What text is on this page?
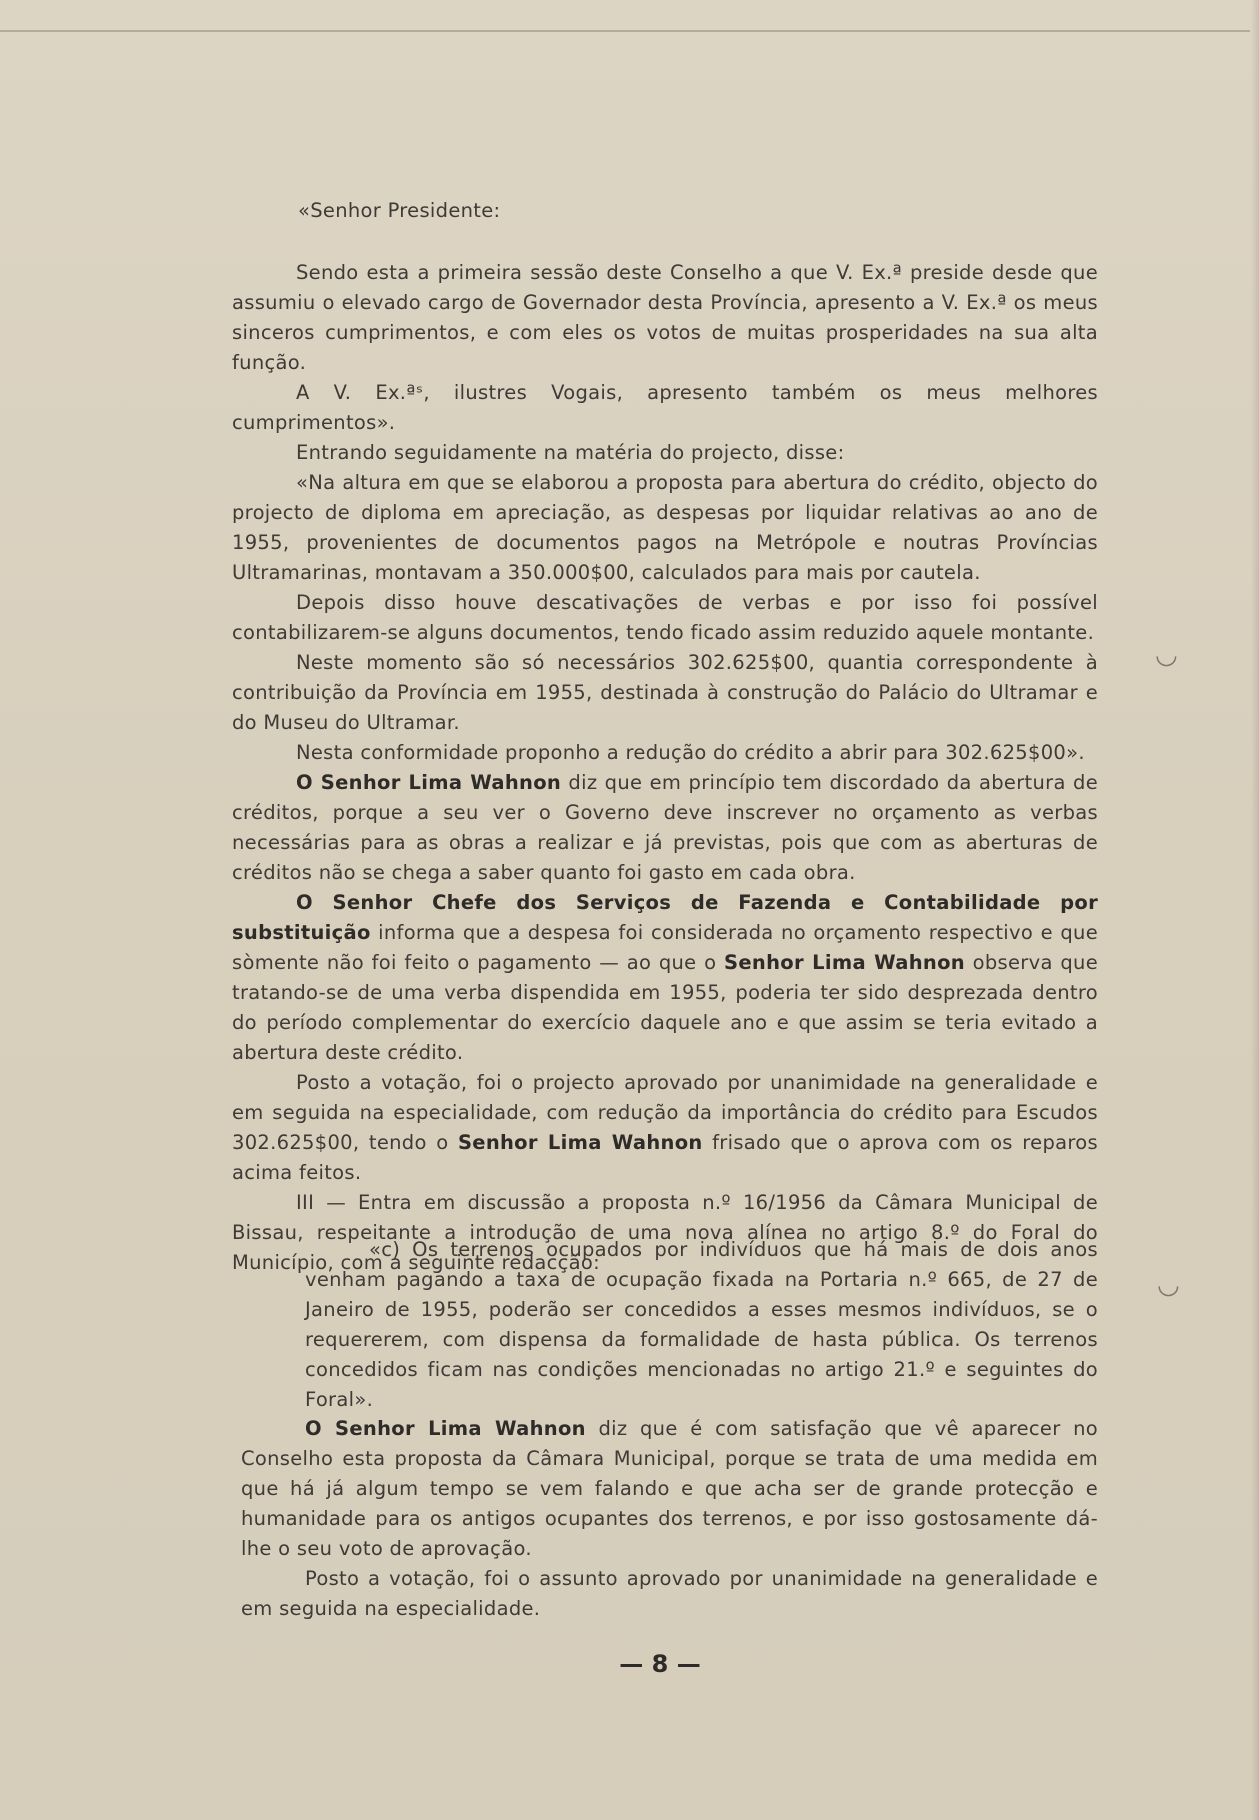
«Senhor Presidente:

Sendo esta a primeira sessão deste Conselho a que V. Ex.ª preside desde que assumiu o elevado cargo de Governador desta Província, apresento a V. Ex.ª os meus sinceros cumprimentos, e com eles os votos de muitas prosperidades na sua alta função.

A V. Ex.ªˢ, ilustres Vogais, apresento também os meus melhores cumprimentos».

Entrando seguidamente na matéria do projecto, disse:

«Na altura em que se elaborou a proposta para abertura do crédito, objecto do projecto de diploma em apreciação, as despesas por liquidar relativas ao ano de 1955, provenientes de documentos pagos na Metrópole e noutras Províncias Ultramarinas, montavam a 350.000$00, calculados para mais por cautela.

Depois disso houve descativações de verbas e por isso foi possível contabilizarem-se alguns documentos, tendo ficado assim reduzido aquele montante.

Neste momento são só necessários 302.625$00, quantia correspondente à contribuição da Província em 1955, destinada à construção do Palácio do Ultramar e do Museu do Ultramar.

Nesta conformidade proponho a redução do crédito a abrir para 302.625$00».

O Senhor Lima Wahnon diz que em princípio tem discordado da abertura de créditos, porque a seu ver o Governo deve inscrever no orçamento as verbas necessárias para as obras a realizar e já previstas, pois que com as aberturas de créditos não se chega a saber quanto foi gasto em cada obra.

O Senhor Chefe dos Serviços de Fazenda e Contabilidade por substituição informa que a despesa foi considerada no orçamento respectivo e que sòmente não foi feito o pagamento — ao que o Senhor Lima Wahnon observa que tratando-se de uma verba dispendida em 1955, poderia ter sido desprezada dentro do período complementar do exercício daquele ano e que assim se teria evitado a abertura deste crédito.

Posto a votação, foi o projecto aprovado por unanimidade na generalidade e em seguida na especialidade, com redução da importância do crédito para Escudos 302.625$00, tendo o Senhor Lima Wahnon frisado que o aprova com os reparos acima feitos.

III — Entra em discussão a proposta n.º 16/1956 da Câmara Municipal de Bissau, respeitante a introdução de uma nova alínea no artigo 8.º do Foral do Município, com a seguinte redacção:

«c) Os terrenos ocupados por indivíduos que há mais de dois anos venham pagando a taxa de ocupação fixada na Portaria n.º 665, de 27 de Janeiro de 1955, poderão ser concedidos a esses mesmos indivíduos, se o requererem, com dispensa da formalidade de hasta pública. Os terrenos concedidos ficam nas condições mencionadas no artigo 21.º e seguintes do Foral».

O Senhor Lima Wahnon diz que é com satisfação que vê aparecer no Conselho esta proposta da Câmara Municipal, porque se trata de uma medida em que há já algum tempo se vem falando e que acha ser de grande protecção e humanidade para os antigos ocupantes dos terrenos, e por isso gostosamente dá-lhe o seu voto de aprovação.

Posto a votação, foi o assunto aprovado por unanimidade na generalidade e em seguida na especialidade.

— 8 —
◡
◡
